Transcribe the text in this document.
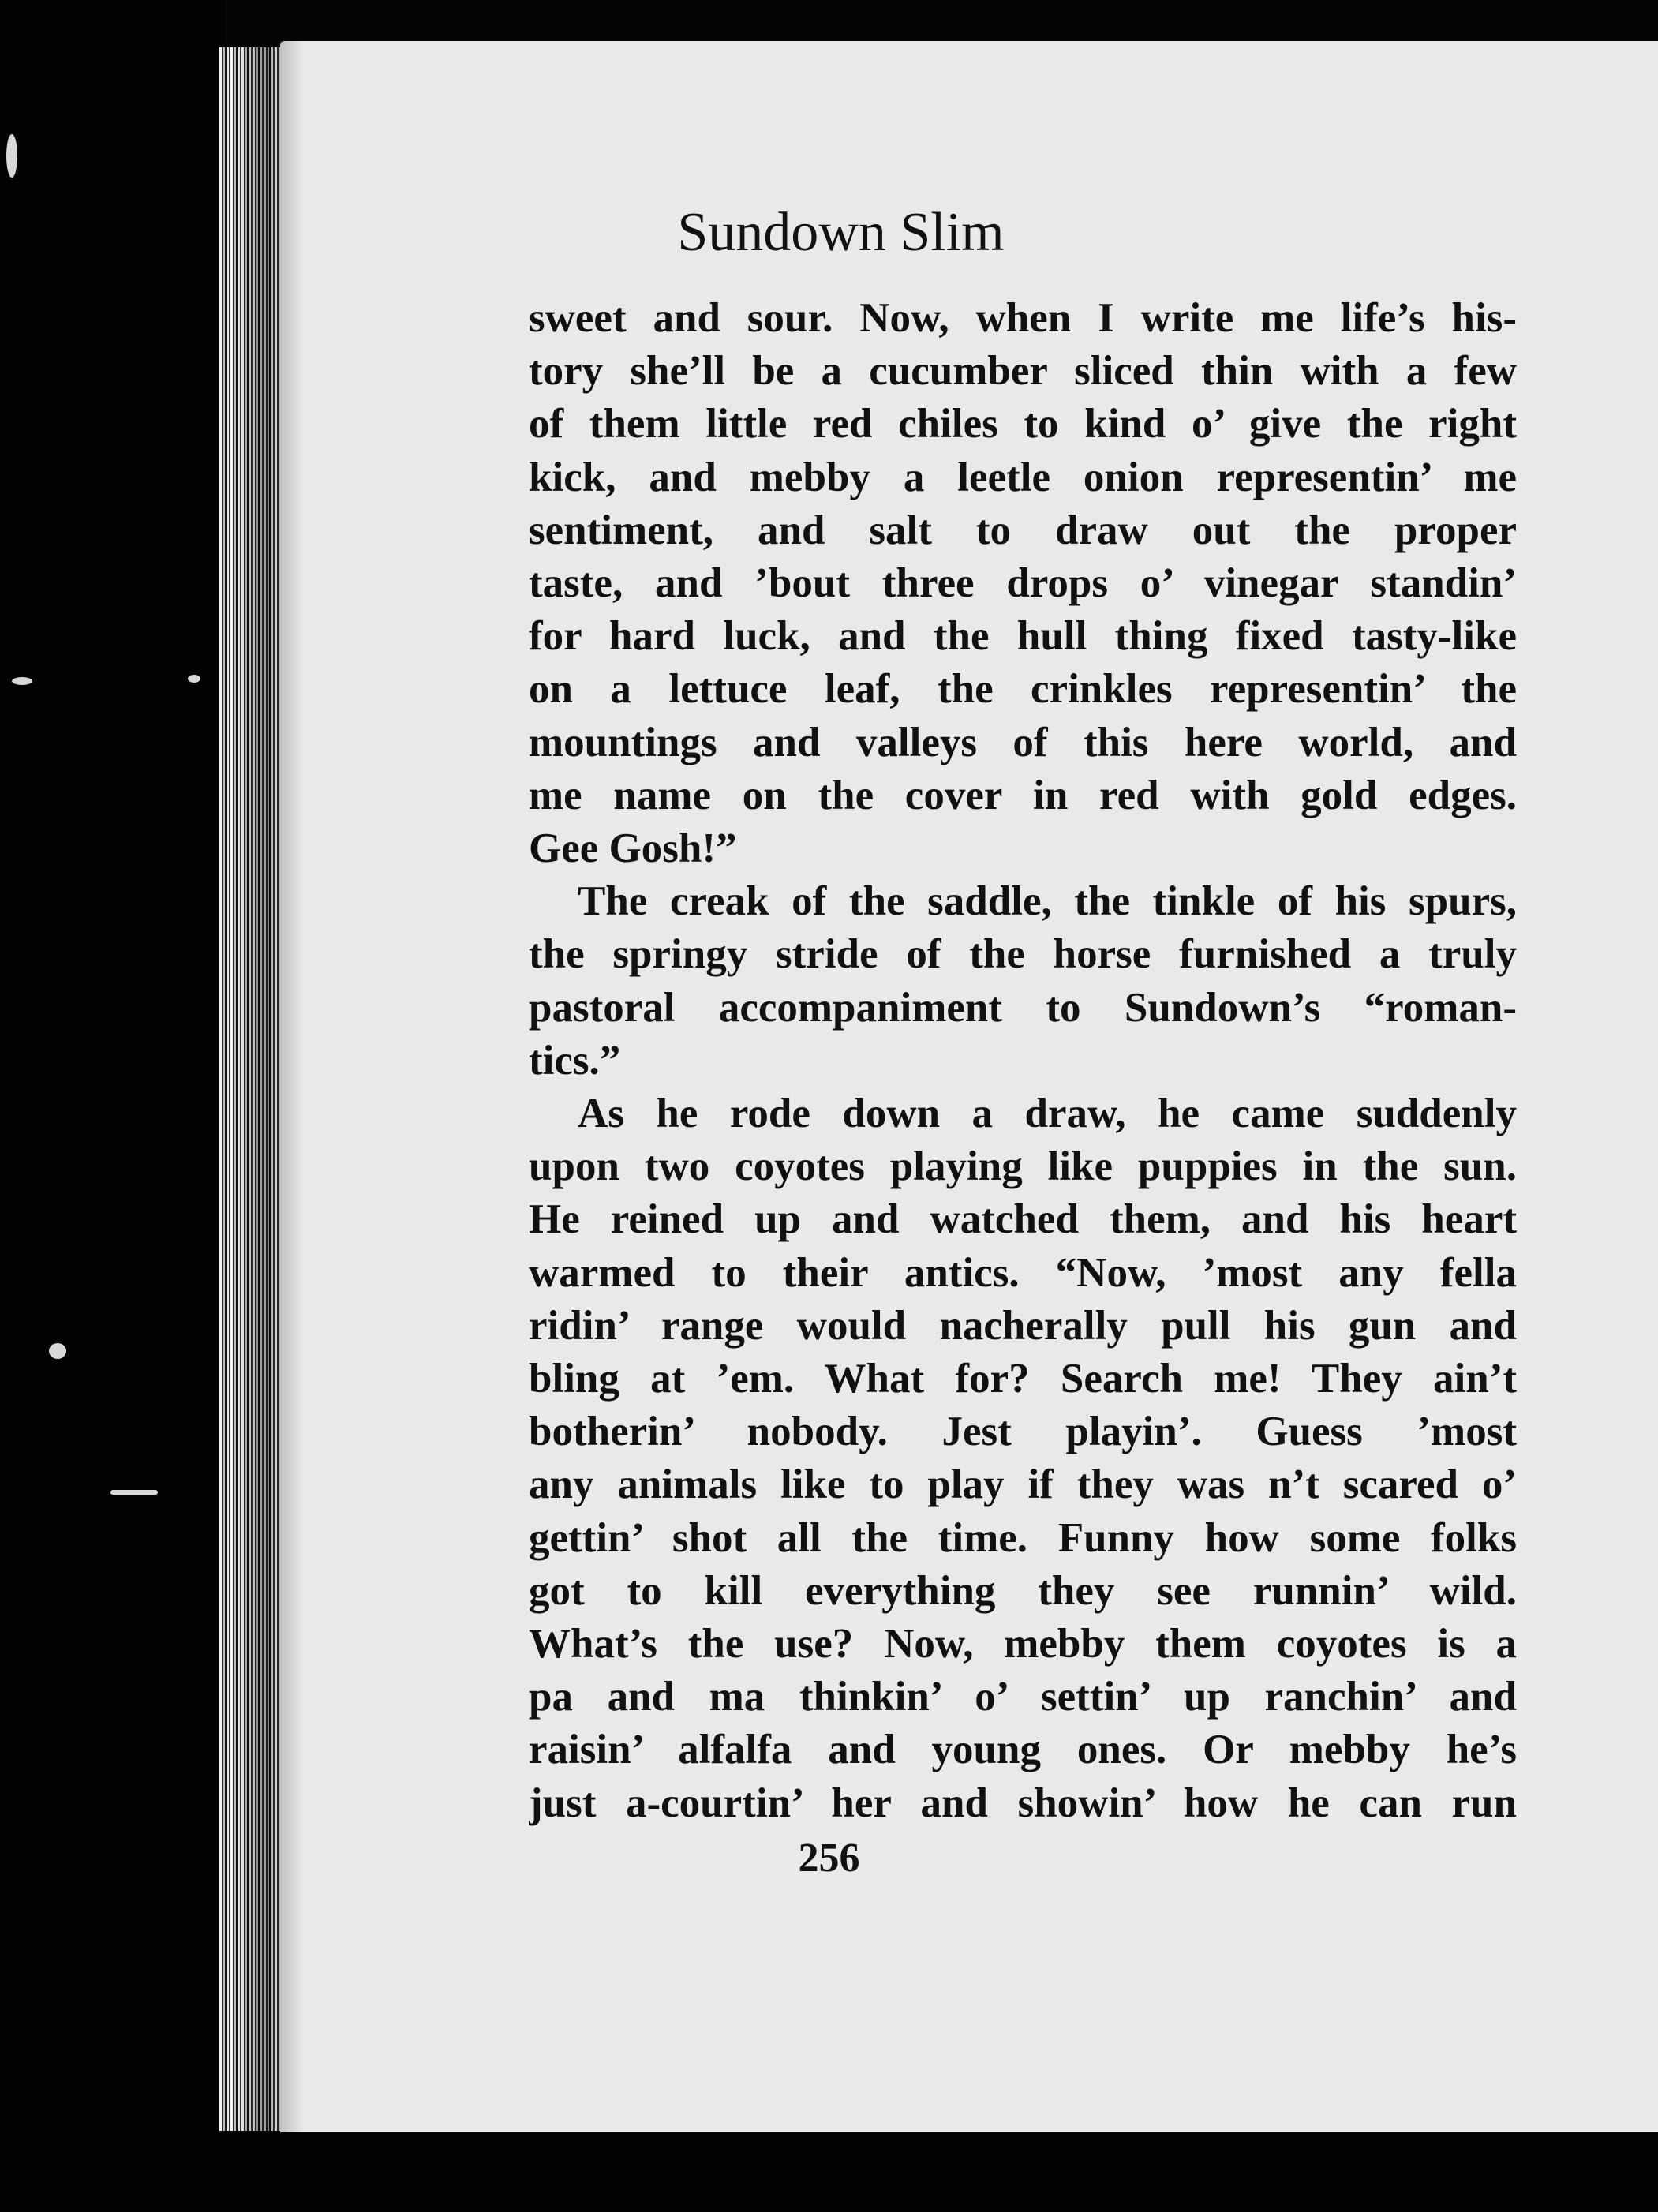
Sundown Slim

sweet and sour. Now, when I write me life’s his-
tory she’ll be a cucumber sliced thin with a few
of them little red chiles to kind o’ give the right
kick, and mebby a leetle onion representin’ me
sentiment, and salt to draw out the proper
taste, and ’bout three drops o’ vinegar standin’
for hard luck, and the hull thing fixed tasty-like
on a lettuce leaf, the crinkles representin’ the
mountings and valleys of this here world, and
me name on the cover in red with gold edges.
Gee Gosh!”

The creak of the saddle, the tinkle of his spurs,
the springy stride of the horse furnished a truly
pastoral accompaniment to Sundown’s “roman-
tics.”

As he rode down a draw, he came suddenly
upon two coyotes playing like puppies in the sun.
He reined up and watched them, and his heart
warmed to their antics. “Now, ’most any fella
ridin’ range would nacherally pull his gun and
bling at ’em. What for? Search me! They ain’t
botherin’ nobody. Jest playin’. Guess ’most
any animals like to play if they was n’t scared o’
gettin’ shot all the time. Funny how some folks
got to kill everything they see runnin’ wild.
What’s the use? Now, mebby them coyotes is a
pa and ma thinkin’ o’ settin’ up ranchin’ and
raisin’ alfalfa and young ones. Or mebby he’s
just a-courtin’ her and showin’ how he can run

256
